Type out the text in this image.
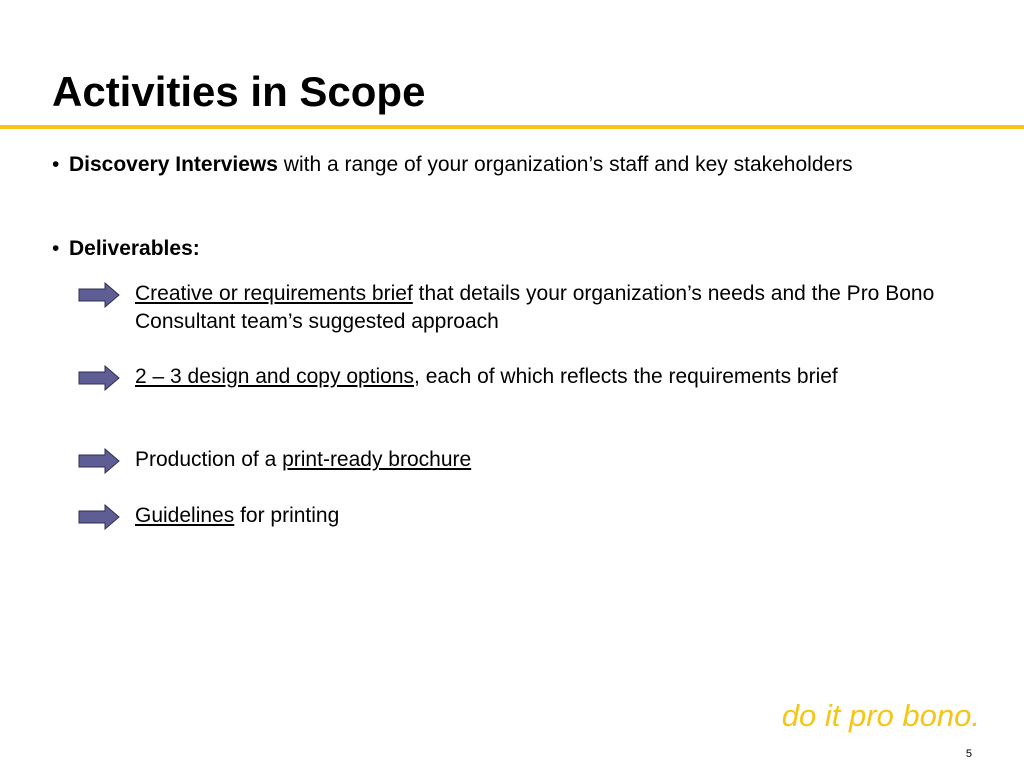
Activities in Scope
• Discovery Interviews with a range of your organization’s staff and key stakeholders
• Deliverables:
Creative or requirements brief that details your organization’s needs and the Pro Bono Consultant team’s suggested approach
2 – 3 design and copy options, each of which reflects the requirements brief
Production of a print-ready brochure
Guidelines for printing
do it pro bono.
5
